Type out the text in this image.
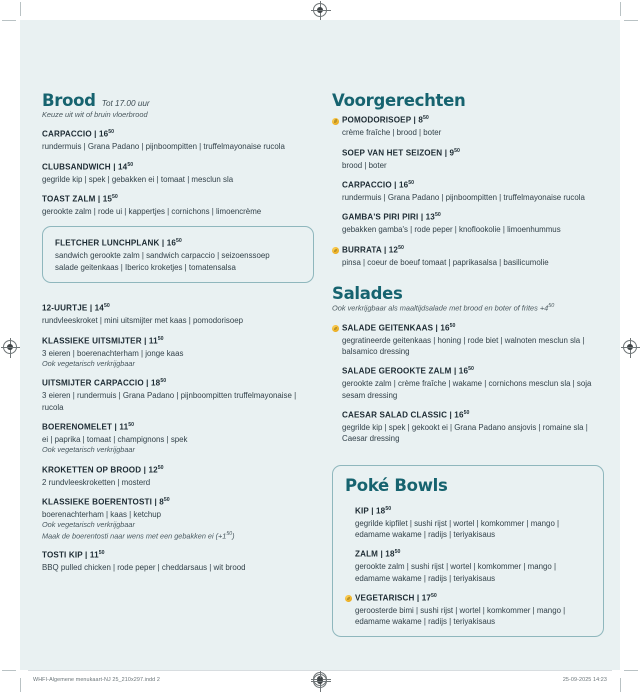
Brood Tot 17.00 uur
Keuze uit wit of bruin vloerbrood
CARPACCIO | $16^{50}$
rundermuis | Grana Padano | pijnboompitten | truffelmayonaise rucola
CLUBSANDWICH | $14^{50}$
gegrilde kip | spek | gebakken ei | tomaat | mesclun sla
TOAST ZALM | $15^{50}$
gerookte zalm | rode ui | kappertjes | cornichons | limoencrème
FLETCHER LUNCHPLANK | $16^{50}$
sandwich gerookte zalm | sandwich carpaccio | seizoenssoep
salade geitenkaas | Iberico kroketjes | tomatensalsa
12-UURTJE | $14^{50}$
rundvleeskroket | mini uitsmijter met kaas | pomodorisoep
KLASSIEKE UITSMIJTER | $11^{50}$
3 eieren | boerenachterham | jonge kaas
Ook vegetarisch verkrijgbaar
UITSMIJTER CARPACCIO | $18^{50}$
3 eieren | rundermuis | Grana Padano | pijnboompitten truffelmayonaise | rucola
BOERENOMELET | $11^{50}$
ei | paprika | tomaat | champignons | spek
Ook vegetarisch verkrijgbaar
KROKETTEN OP BROOD | $12^{50}$
2 rundvleeskroketten | mosterd
KLASSIEKE BOERENTOSTI | $8^{50}$
boerenachterham | kaas | ketchup
Ook vegetarisch verkrijgbaar
Maak de boerentosti naar wens met een gebakken ei $(+1^{50})$
TOSTI KIP | $11^{50}$
BBQ pulled chicken | rode peper | cheddarsaus | wit brood
Voorgerechten
POMODORISOEP | $8^{50}$
crème fraîche | brood | boter
SOEP VAN HET SEIZOEN | $9^{50}$
brood | boter
CARPACCIO | $16^{50}$
rundermuis | Grana Padano | pijnboompitten | truffelmayonaise rucola
GAMBA'S PIRI PIRI | $13^{50}$
gebakken gamba's | rode peper | knoflookolie | limoenhummus
BURRATA | $12^{50}$
pinsa | coeur de boeuf tomaat | paprikasalsa | basilicumolie
Salades
Ook verkrijgbaar als maaltijdsalade met brood en boter of frites $+4^{50}$
SALADE GEITENKAAS | $16^{50}$
gegratineerde geitenkaas | honing | rode biet | walnoten mesclun sla | balsamico dressing
SALADE GEROOKTE ZALM | $16^{50}$
gerookte zalm | crème fraîche | wakame | cornichons mesclun sla | soja sesam dressing
CAESAR SALAD CLASSIC | $16^{50}$
gegrilde kip | spek | gekookt ei | Grana Padano ansjovis | romaine sla | Caesar dressing
Poké Bowls
KIP | $18^{50}$
gegrilde kipfilet | sushi rijst | wortel | komkommer | mango | edamame wakame | radijs | teriyakisaus
ZALM | $18^{50}$
gerookte zalm | sushi rijst | wortel | komkommer | mango | edamame wakame | radijs | teriyakisaus
VEGETARISCH | $17^{50}$
geroosterde bimi | sushi rijst | wortel | komkommer | mango | edamame wakame | radijs | teriyakisaus
WHFI-Algemene menukaart-NJ 25_210x297.indd 2	25-09-2025 14:23
